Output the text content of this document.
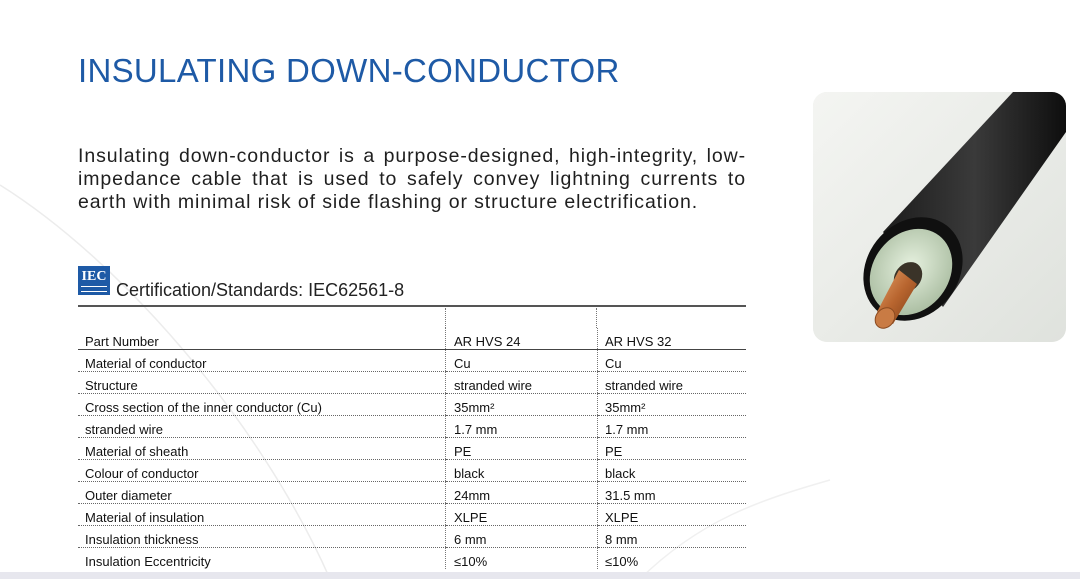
INSULATING DOWN-CONDUCTOR
Insulating down-conductor is a purpose-designed, high-integrity, low-impedance cable that is used to safely convey lightning currents to earth with minimal risk of side flashing or structure electrification.
IEC
Certification/Standards: IEC62561-8
Part Number	AR HVS 24	AR HVS 32
Material of conductor	Cu	Cu
Structure	stranded wire	stranded wire
Cross section of the inner conductor (Cu)	35mm²	35mm²
stranded wire	1.7 mm	1.7 mm
Material of sheath	PE	PE
Colour of conductor	black	black
Outer diameter	24mm	31.5 mm
Material of insulation	XLPE	XLPE
Insulation thickness	6 mm	8 mm
Insulation Eccentricity	≤10%	≤10%
